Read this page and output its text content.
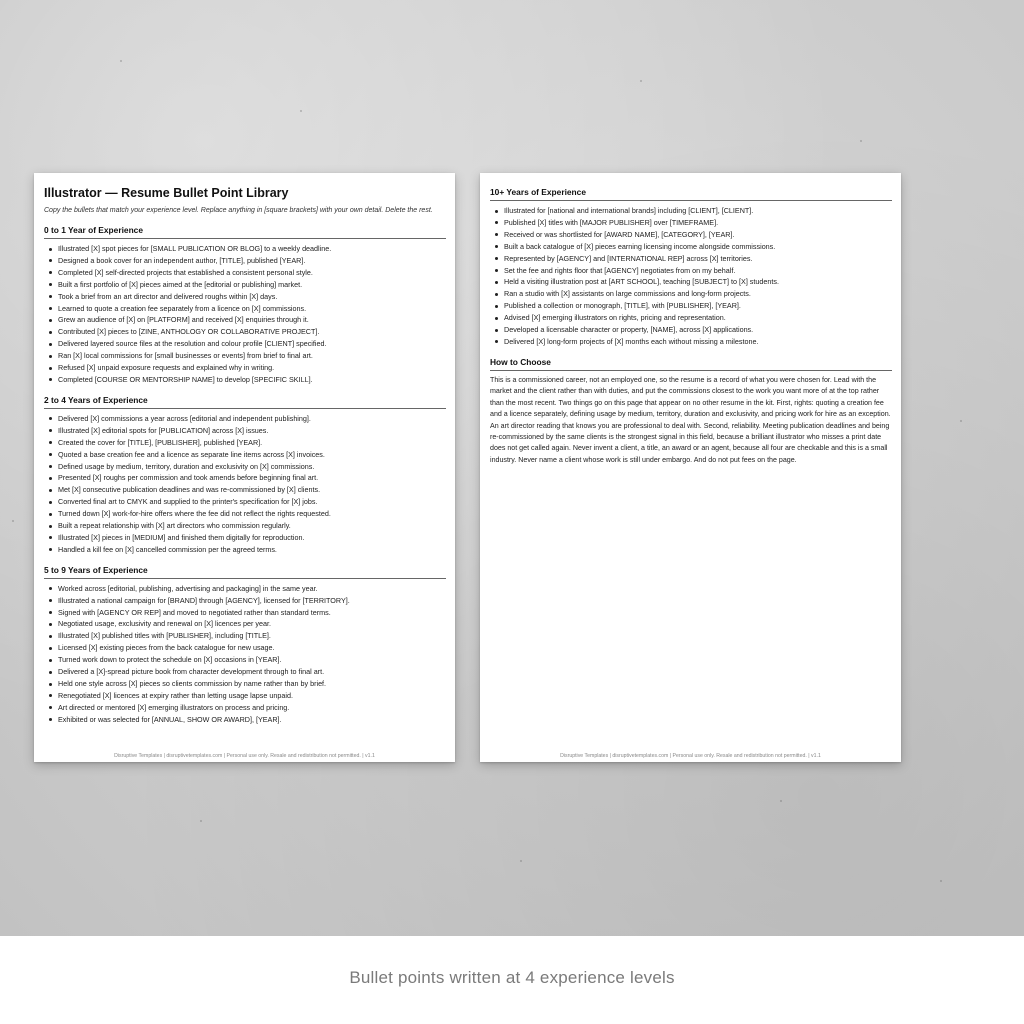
Illustrator — Resume Bullet Point Library

Copy the bullets that match your experience level. Replace anything in [square brackets] with your own detail. Delete the rest.

0 to 1 Year of Experience
Illustrated [X] spot pieces for [SMALL PUBLICATION OR BLOG] to a weekly deadline.
Designed a book cover for an independent author, [TITLE], published [YEAR].
Completed [X] self-directed projects that established a consistent personal style.
Built a first portfolio of [X] pieces aimed at the [editorial or publishing] market.
Took a brief from an art director and delivered roughs within [X] days.
Learned to quote a creation fee separately from a licence on [X] commissions.
Grew an audience of [X] on [PLATFORM] and received [X] enquiries through it.
Contributed [X] pieces to [ZINE, ANTHOLOGY OR COLLABORATIVE PROJECT].
Delivered layered source files at the resolution and colour profile [CLIENT] specified.
Ran [X] local commissions for [small businesses or events] from brief to final art.
Refused [X] unpaid exposure requests and explained why in writing.
Completed [COURSE OR MENTORSHIP NAME] to develop [SPECIFIC SKILL].
2 to 4 Years of Experience
Delivered [X] commissions a year across [editorial and independent publishing].
Illustrated [X] editorial spots for [PUBLICATION] across [X] issues.
Created the cover for [TITLE], [PUBLISHER], published [YEAR].
Quoted a base creation fee and a licence as separate line items across [X] invoices.
Defined usage by medium, territory, duration and exclusivity on [X] commissions.
Presented [X] roughs per commission and took amends before beginning final art.
Met [X] consecutive publication deadlines and was re-commissioned by [X] clients.
Converted final art to CMYK and supplied to the printer's specification for [X] jobs.
Turned down [X] work-for-hire offers where the fee did not reflect the rights requested.
Built a repeat relationship with [X] art directors who commission regularly.
Illustrated [X] pieces in [MEDIUM] and finished them digitally for reproduction.
Handled a kill fee on [X] cancelled commission per the agreed terms.
5 to 9 Years of Experience
Worked across [editorial, publishing, advertising and packaging] in the same year.
Illustrated a national campaign for [BRAND] through [AGENCY], licensed for [TERRITORY].
Signed with [AGENCY OR REP] and moved to negotiated rather than standard terms.
Negotiated usage, exclusivity and renewal on [X] licences per year.
Illustrated [X] published titles with [PUBLISHER], including [TITLE].
Licensed [X] existing pieces from the back catalogue for new usage.
Turned work down to protect the schedule on [X] occasions in [YEAR].
Delivered a [X]-spread picture book from character development through to final art.
Held one style across [X] pieces so clients commission by name rather than by brief.
Renegotiated [X] licences at expiry rather than letting usage lapse unpaid.
Art directed or mentored [X] emerging illustrators on process and pricing.
Exhibited or was selected for [ANNUAL, SHOW OR AWARD], [YEAR].
Disruptive Templates | disruptivetemplates.com | Personal use only. Resale and redistribution not permitted. | v1.1
10+ Years of Experience
Illustrated for [national and international brands] including [CLIENT], [CLIENT].
Published [X] titles with [MAJOR PUBLISHER] over [TIMEFRAME].
Received or was shortlisted for [AWARD NAME], [CATEGORY], [YEAR].
Built a back catalogue of [X] pieces earning licensing income alongside commissions.
Represented by [AGENCY] and [INTERNATIONAL REP] across [X] territories.
Set the fee and rights floor that [AGENCY] negotiates from on my behalf.
Held a visiting illustration post at [ART SCHOOL], teaching [SUBJECT] to [X] students.
Ran a studio with [X] assistants on large commissions and long-form projects.
Published a collection or monograph, [TITLE], with [PUBLISHER], [YEAR].
Advised [X] emerging illustrators on rights, pricing and representation.
Developed a licensable character or property, [NAME], across [X] applications.
Delivered [X] long-form projects of [X] months each without missing a milestone.
How to Choose

This is a commissioned career, not an employed one, so the resume is a record of what you were chosen for. Lead with the market and the client rather than with duties, and put the commissions closest to the work you want more of at the top rather than the most recent. Two things go on this page that appear on no other resume in the kit. First, rights: quoting a creation fee and a licence separately, defining usage by medium, territory, duration and exclusivity, and pricing work for hire as an exception. An art director reading that knows you are professional to deal with. Second, reliability. Meeting publication deadlines and being re-commissioned by the same clients is the strongest signal in this field, because a brilliant illustrator who misses a print date does not get called again. Never invent a client, a title, an award or an agent, because all four are checkable and this is a small industry. Never name a client whose work is still under embargo. And do not put fees on the page.

Disruptive Templates | disruptivetemplates.com | Personal use only. Resale and redistribution not permitted. | v1.1
Bullet points written at 4 experience levels
